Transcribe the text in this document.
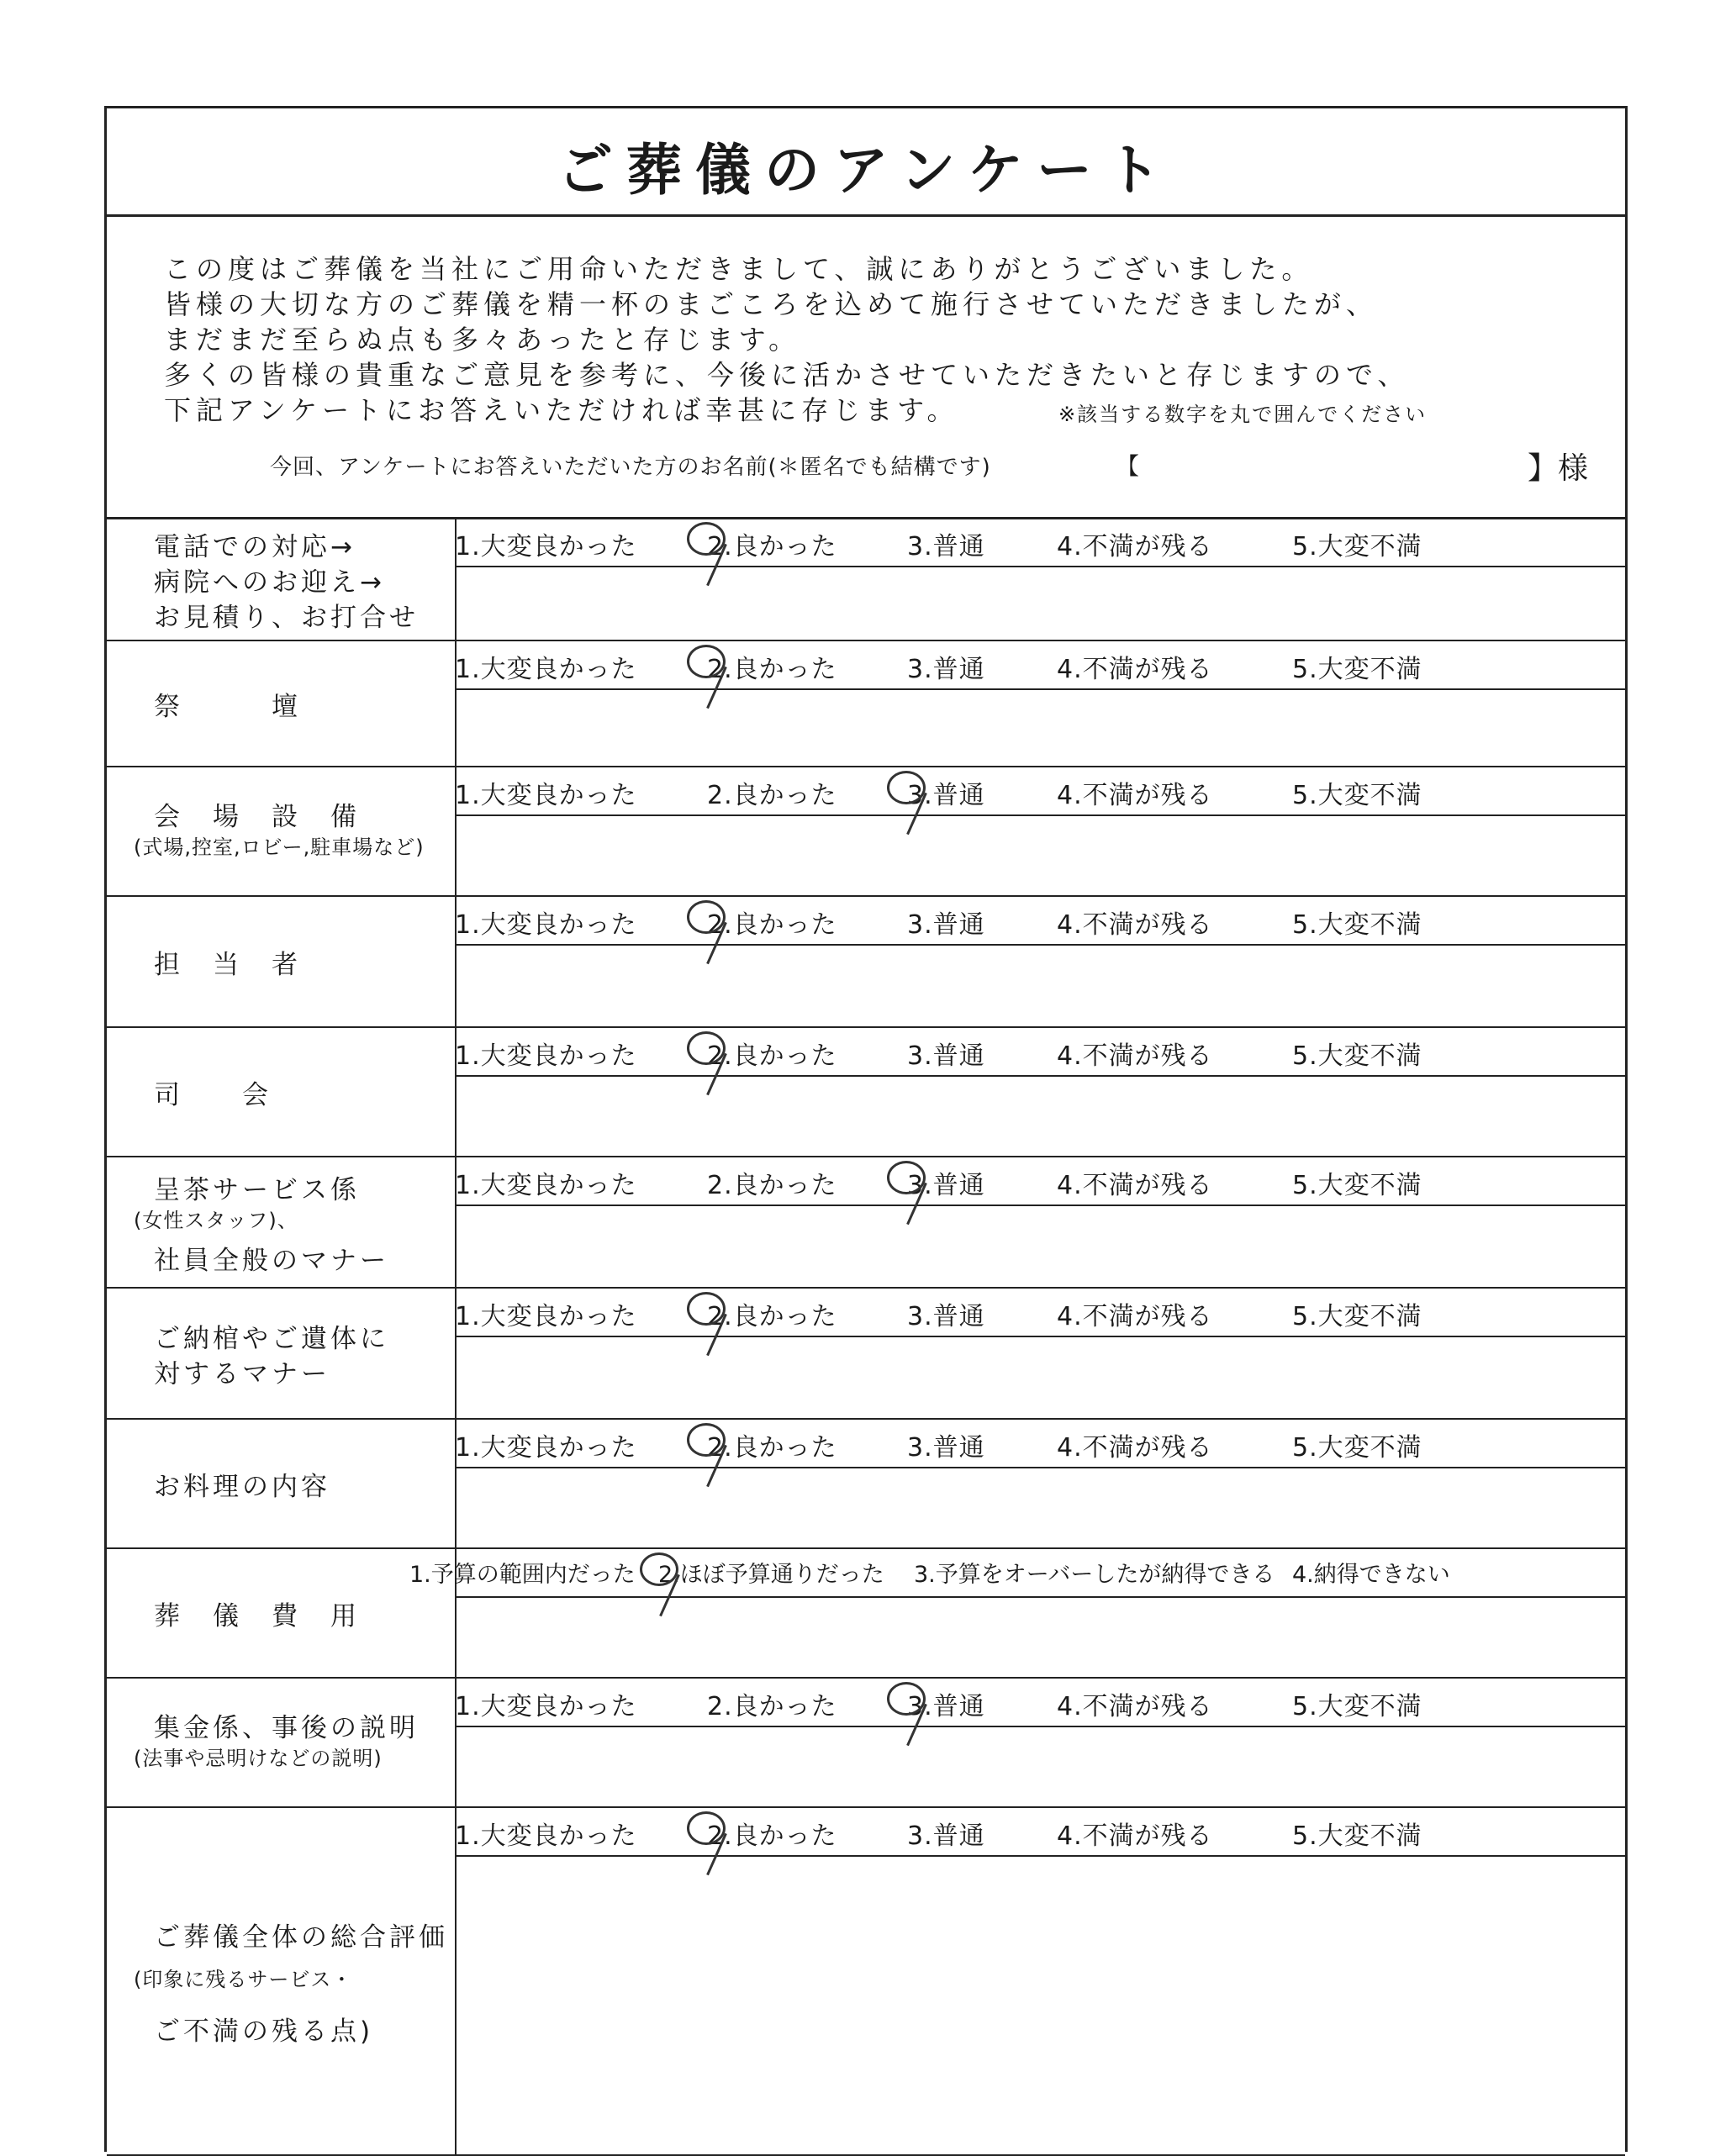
ご葬儀のアンケート
この度はご葬儀を当社にご用命いただきまして、誠にありがとうございました。
皆様の大切な方のご葬儀を精一杯のまごころを込めて施行させていただきましたが、
まだまだ至らぬ点も多々あったと存じます。
多くの皆様の貴重なご意見を参考に、今後に活かさせていただきたいと存じますので、
下記アンケートにお答えいただければ幸甚に存じます。	※該当する数字を丸で囲んでください
今回、アンケートにお答えいただいた方のお名前(＊匿名でも結構です)	【	】様
電話での対応→
病院へのお迎え→
お見積り、お打合せ
1.大変良かった	2.良かった	3.普通	4.不満が残る	5.大変不満
祭　　　壇
1.大変良かった	2.良かった	3.普通	4.不満が残る	5.大変不満
会　場　設　備
(式場,控室,ロビー,駐車場など)
1.大変良かった	2.良かった	3.普通	4.不満が残る	5.大変不満
担　当　者
1.大変良かった	2.良かった	3.普通	4.不満が残る	5.大変不満
司　　会
1.大変良かった	2.良かった	3.普通	4.不満が残る	5.大変不満
呈茶サービス係
(女性スタッフ)、
社員全般のマナー
1.大変良かった	2.良かった	3.普通	4.不満が残る	5.大変不満
ご納棺やご遺体に
対するマナー
1.大変良かった	2.良かった	3.普通	4.不満が残る	5.大変不満
お料理の内容
1.大変良かった	2.良かった	3.普通	4.不満が残る	5.大変不満
葬　儀　費　用
1.予算の範囲内だった 2.ほぼ予算通りだった 3.予算をオーバーしたが納得できる 4.納得できない
集金係、事後の説明
(法事や忌明けなどの説明)
1.大変良かった	2.良かった	3.普通	4.不満が残る	5.大変不満
ご葬儀全体の総合評価
(印象に残るサービス・
ご不満の残る点)
1.大変良かった	2.良かった	3.普通	4.不満が残る	5.大変不満
